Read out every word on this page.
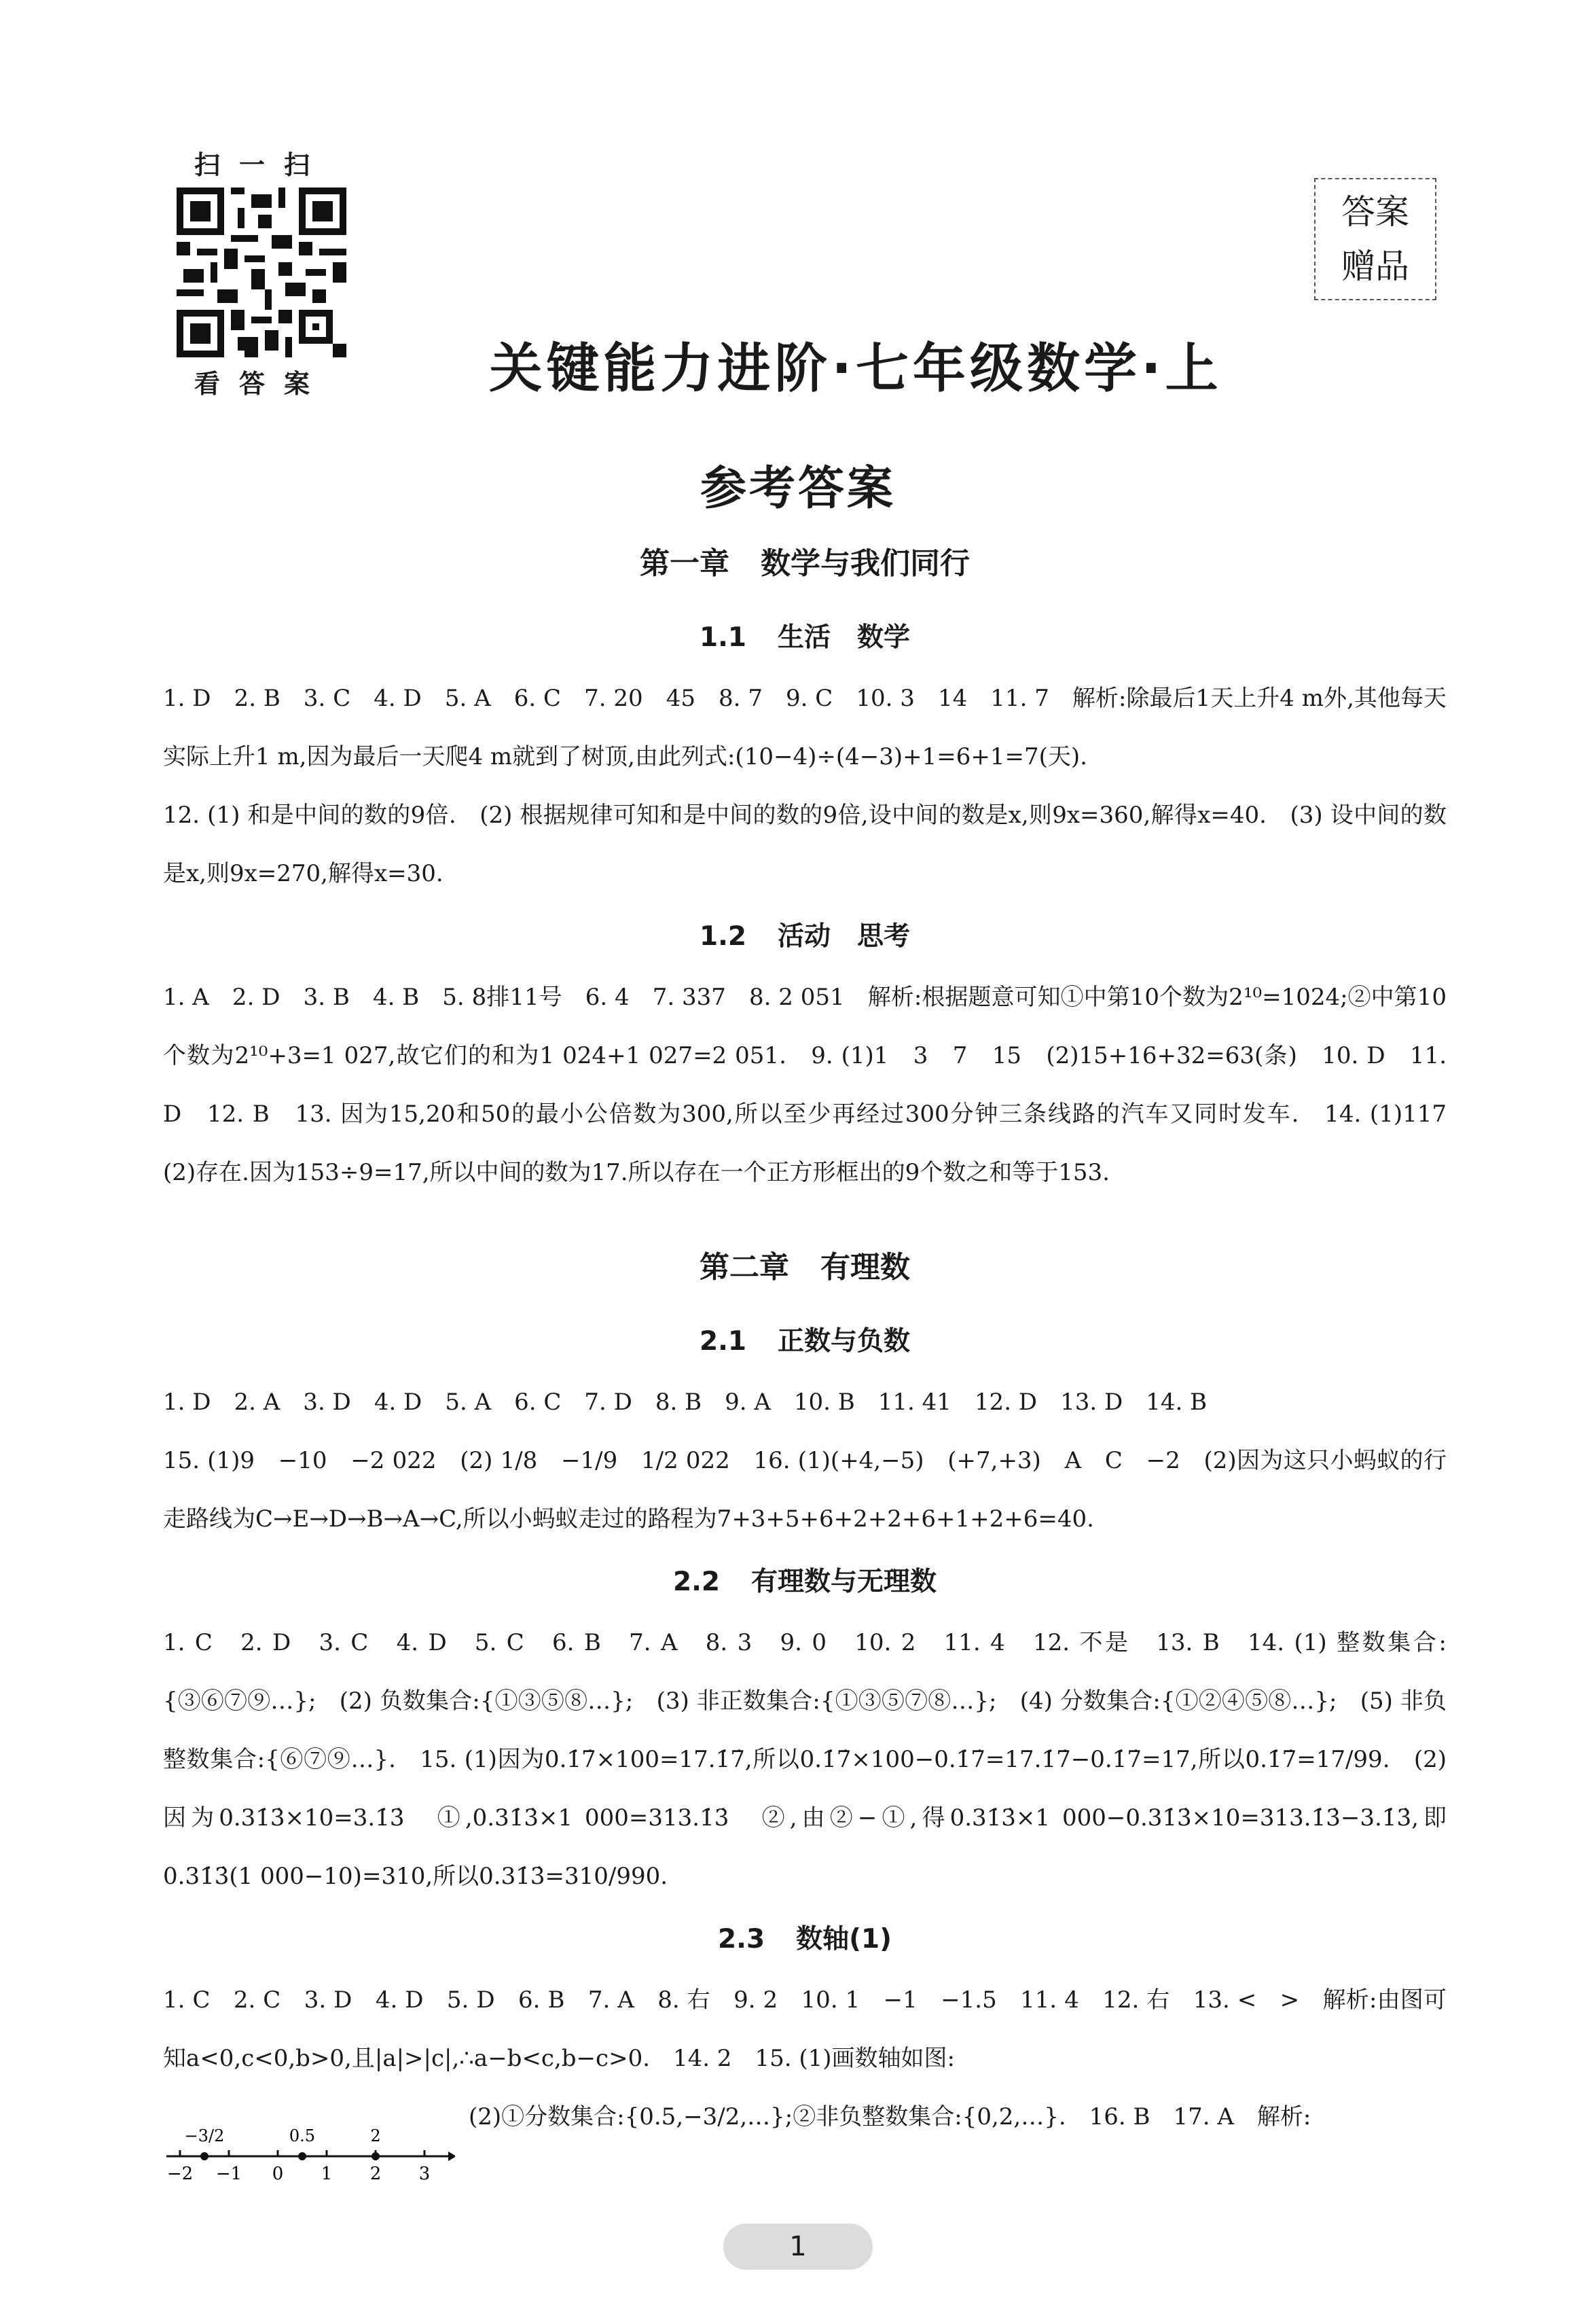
扫一扫
看答案
答案
赠品
关键能力进阶·七年级数学·上
参考答案
第一章 数学与我们同行
1.1 生活　数学

1. D　2. B　3. C　4. D　5. A　6. C　7. 20　45　8. 7　9. C　10. 3　14　11. 7　解析:除最后1天上升4 m外,其他每天实际上升1 m,因为最后一天爬4 m就到了树顶,由此列式:(10−4)÷(4−3)+1=6+1=7(天).

12. (1) 和是中间的数的9倍.　(2) 根据规律可知和是中间的数的9倍,设中间的数是x,则9x=360,解得x=40.　(3) 设中间的数是x,则9x=270,解得x=30.

1.2 活动　思考

1. A　2. D　3. B　4. B　5. 8排11号　6. 4　7. 337　8. 2 051　解析:根据题意可知①中第10个数为2¹⁰=1024;②中第10个数为2¹⁰+3=1 027,故它们的和为1 024+1 027=2 051.　9. (1)1　3　7　15　(2)15+16+32=63(条)　10. D　11. D　12. B　13. 因为15,20和50的最小公倍数为300,所以至少再经过300分钟三条线路的汽车又同时发车.　14. (1)117　(2)存在.因为153÷9=17,所以中间的数为17.所以存在一个正方形框出的9个数之和等于153.

第二章 有理数
2.1 正数与负数

1. D　2. A　3. D　4. D　5. A　6. C　7. D　8. B　9. A　10. B　11. 41　12. D　13. D　14. B

15. (1)9　−10　−2 022　(2) 1/8　−1/9　1/2 022　16. (1)(+4,−5)　(+7,+3)　A　C　−2　(2)因为这只小蚂蚁的行走路线为C→E→D→B→A→C,所以小蚂蚁走过的路程为7+3+5+6+2+2+6+1+2+6=40.

2.2 有理数与无理数

1. C　2. D　3. C　4. D　5. C　6. B　7. A　8. 3　9. 0　10. 2　11. 4　12. 不是　13. B　14. (1) 整数集合:{③⑥⑦⑨…};　(2) 负数集合:{①③⑤⑧…};　(3) 非正数集合:{①③⑤⑦⑧…};　(4) 分数集合:{①②④⑤⑧…};　(5) 非负整数集合:{⑥⑦⑨…}.　15. (1)因为0.1̇7̇×100=17.1̇7̇,所以0.1̇7̇×100−0.1̇7̇=17.1̇7̇−0.1̇7̇=17,所以0.1̇7̇=17/99.　(2)因为0.31̇3̇×10=3.1̇3̇　①,0.31̇3̇×1 000=313.1̇3̇　②,由②−①,得0.31̇3̇×1 000−0.31̇3̇×10=313.1̇3̇−3.1̇3̇,即0.31̇3̇(1 000−10)=310,所以0.31̇3̇=310/990.

2.3 数轴(1)

1. C　2. C　3. D　4. D　5. D　6. B　7. A　8. 右　9. 2　10. 1　−1　−1.5　11. 4　12. 右　13. <　>　解析:由图可知a<0,c<0,b>0,且|a|>|c|,∴a−b<c,b−c>0.　14. 2　15. (1)画数轴如图:

(2)①分数集合:{0.5,−3/2,…};②非负整数集合:{0,2,…}.　16. B　17. A　解析:

−2 −1 0 1 2 3
−3/2	0.5	2
1
